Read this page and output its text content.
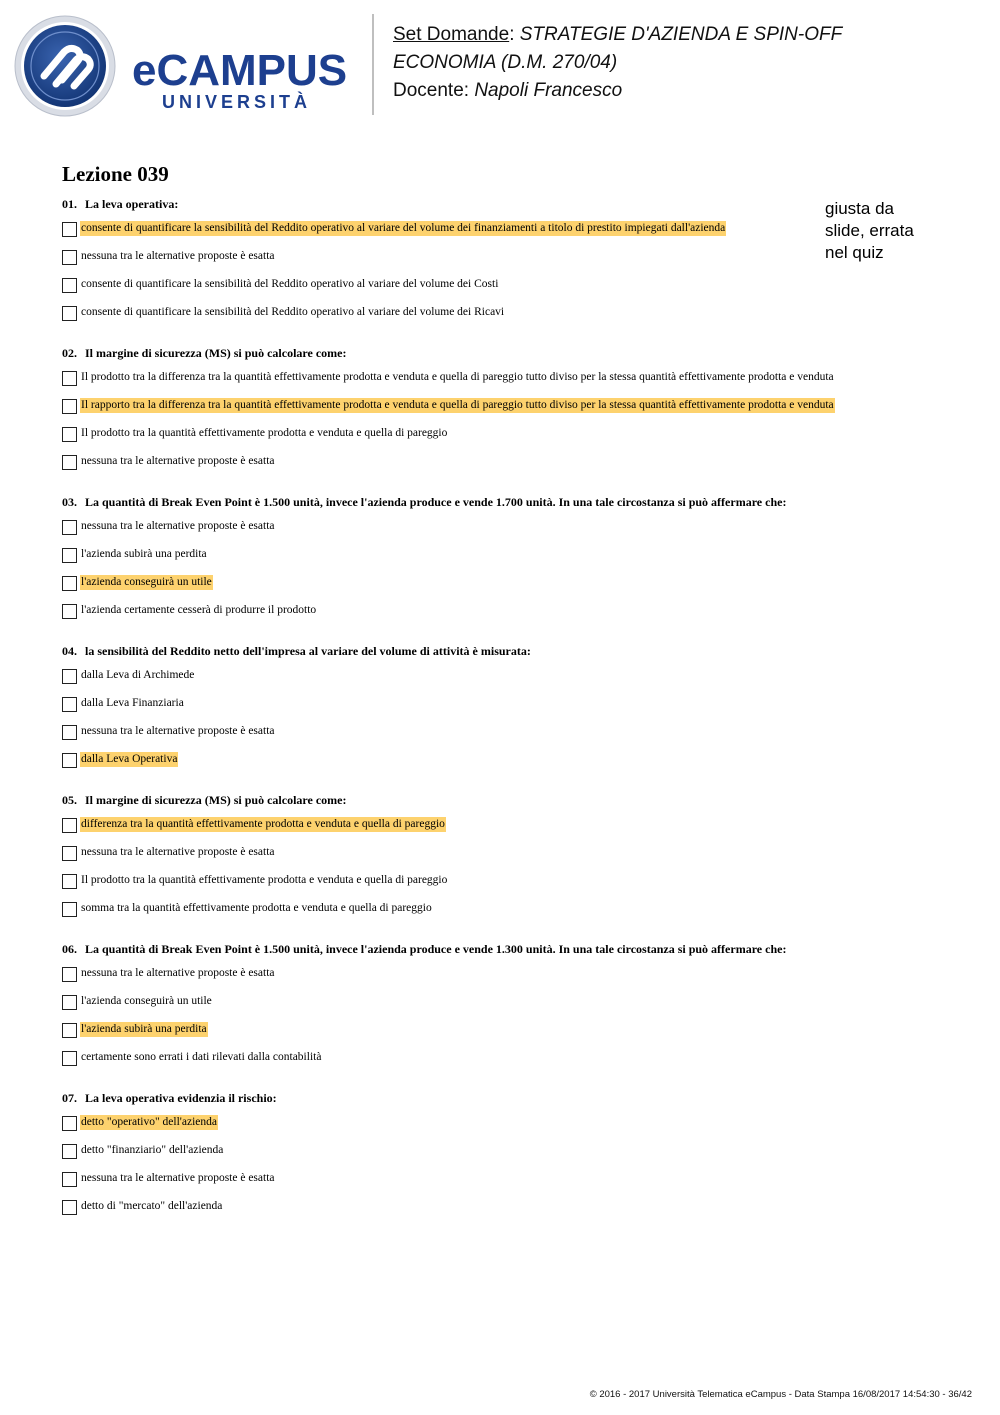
eCAMPUS
UNIVERSITÀ
Set Domande: STRATEGIE D'AZIENDA E SPIN-OFF
ECONOMIA (D.M. 270/04)
Docente: Napoli Francesco
Lezione 039
giusta da
slide, errata
nel quiz
01. La leva operativa:
consente di quantificare la sensibilità del Reddito operativo al variare del volume dei finanziamenti a titolo di prestito impiegati dall'azienda
nessuna tra le alternative proposte è esatta
consente di quantificare la sensibilità del Reddito operativo al variare del volume dei Costi
consente di quantificare la sensibilità del Reddito operativo al variare del volume dei Ricavi
02. Il margine di sicurezza (MS) si può calcolare come:
Il prodotto tra la differenza tra la quantità effettivamente prodotta e venduta e quella di pareggio tutto diviso per la stessa quantità effettivamente prodotta e venduta
Il rapporto tra la differenza tra la quantità effettivamente prodotta e venduta e quella di pareggio tutto diviso per la stessa quantità effettivamente prodotta e venduta
Il prodotto tra la quantità effettivamente prodotta e venduta e quella di pareggio
nessuna tra le alternative proposte è esatta
03. La quantità di Break Even Point è 1.500 unità, invece l'azienda produce e vende 1.700 unità. In una tale circostanza si può affermare che:
nessuna tra le alternative proposte è esatta
l'azienda subirà una perdita
l'azienda conseguirà un utile
l'azienda certamente cesserà di produrre il prodotto
04. la sensibilità del Reddito netto dell'impresa al variare del volume di attività è misurata:
dalla Leva di Archimede
dalla Leva Finanziaria
nessuna tra le alternative proposte è esatta
dalla Leva Operativa
05. Il margine di sicurezza (MS) si può calcolare come:
differenza tra la quantità effettivamente prodotta e venduta e quella di pareggio
nessuna tra le alternative proposte è esatta
Il prodotto tra la quantità effettivamente prodotta e venduta e quella di pareggio
somma tra la quantità effettivamente prodotta e venduta e quella di pareggio
06. La quantità di Break Even Point è 1.500 unità, invece l'azienda produce e vende 1.300 unità. In una tale circostanza si può affermare che:
nessuna tra le alternative proposte è esatta
l'azienda conseguirà un utile
l'azienda subirà una perdita
certamente sono errati i dati rilevati dalla contabilità
07. La leva operativa evidenzia il rischio:
detto "operativo" dell'azienda
detto "finanziario" dell'azienda
nessuna tra le alternative proposte è esatta
detto di "mercato" dell'azienda
© 2016 - 2017 Università Telematica eCampus - Data Stampa 16/08/2017 14:54:30 - 36/42
